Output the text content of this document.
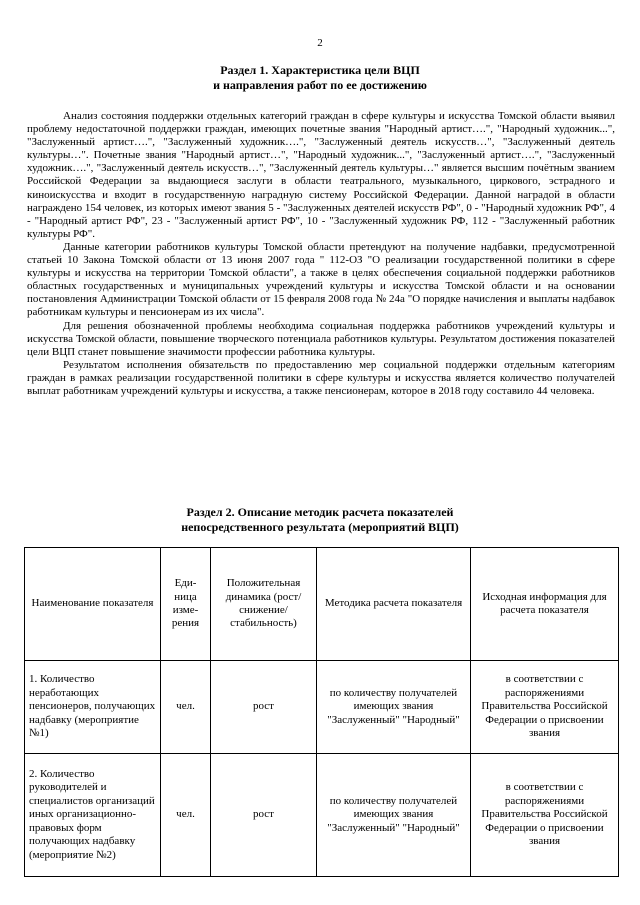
2
Раздел 1. Характеристика цели ВЦП
и направления работ по ее достижению

Анализ состояния поддержки отдельных категорий граждан в сфере культуры и искусства Томской области выявил проблему недостаточной поддержки граждан, имеющих почетные звания "Народный артист….", "Народный художник...", "Заслуженный артист….", "Заслуженный художник….", "Заслуженный деятель искусств…", "Заслуженный деятель культуры…". Почетные звания "Народный артист…", "Народный художник...", "Заслуженный артист….", "Заслуженный художник….", "Заслуженный деятель искусств…", "Заслуженный деятель культуры…" является высшим почётным званием Российской Федерации за выдающиеся заслуги в области театрального, музыкального, циркового, эстрадного и киноискусства и входит в государственную наградную систему Российской Федерации. Данной наградой в области награждено 154 человек, из которых имеют звания 5 - "Заслуженных деятелей искусств РФ", 0 - "Народный художник РФ", 4 - "Народный артист РФ", 23 - "Заслуженный артист РФ", 10 - "Заслуженный художник РФ, 112 - "Заслуженный работник культуры РФ".

Данные категории работников культуры Томской области претендуют на получение надбавки, предусмотренной статьей 10 Закона Томской области от 13 июня 2007 года " 112-ОЗ "О реализации государственной политики в сфере культуры и искусства на территории Томской области", а также в целях обеспечения социальной поддержки работников областных государственных и муниципальных учреждений культуры и искусства Томской области и на основании постановления Администрации Томской области от 15 февраля 2008 года № 24а "О порядке начисления и выплаты надбавок работникам культуры и пенсионерам из их числа".

Для решения обозначенной проблемы необходима социальная поддержка работников учреждений культуры и искусства Томской области, повышение творческого потенциала работников культуры. Результатом достижения показателей цели ВЦП станет повышение значимости профессии работника культуры.

Результатом исполнения обязательств по предоставлению мер социальной поддержки отдельным категориям граждан в рамках реализации государственной политики в сфере культуры и искусства является количество получателей выплат работникам учреждений культуры и искусства, а также пенсионерам, которое в 2018 году составило 44 человека.

Раздел 2. Описание методик расчета показателей
непосредственного результата (мероприятий ВЦП)
Наименование показателя	Еди-ница изме-рения	Положительная динамика (рост/ снижение/ стабильность)	Методика расчета показателя	Исходная информация для расчета показателя
1. Количество неработающих пенсионеров, получающих надбавку (мероприятие №1)	чел.	рост	по количеству получателей имеющих звания "Заслуженный" "Народный"	в соответствии с распоряжениями Правительства Российской Федерации о присвоении звания
2. Количество руководителей и специалистов организаций иных организационно-правовых форм получающих надбавку (мероприятие №2)	чел.	рост	по количеству получателей имеющих звания "Заслуженный" "Народный"	в соответствии с распоряжениями Правительства Российской Федерации о присвоении звания
